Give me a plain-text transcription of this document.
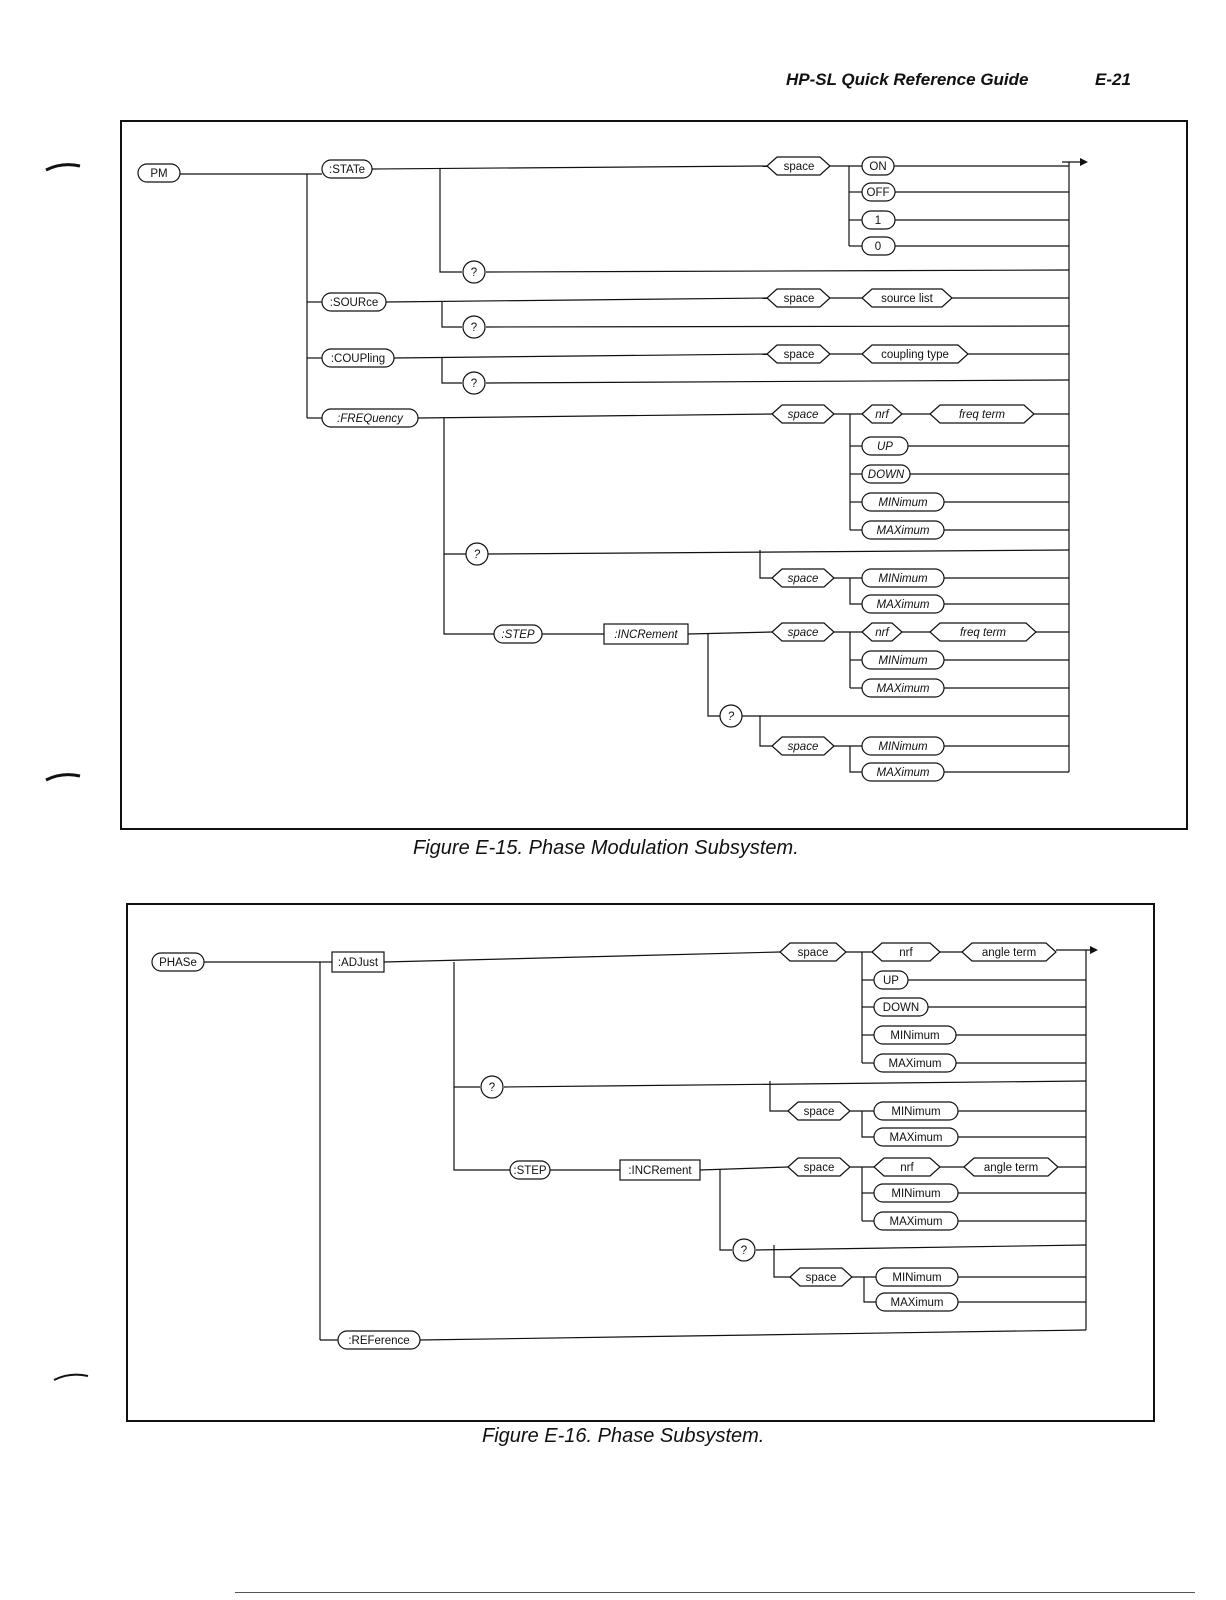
HP-SL Quick Reference Guide	E-21
PM	:STATe	space	ON
OFF
1
0
?
:SOURce	space	source list
?
:COUPling	space	coupling type
?
:FREQuency	space	nrf	freq term
UP
DOWN
MINimum
MAXimum
?
space	MINimum
MAXimum
:STEP	:INCRement	space	nrf	freq term
MINimum
MAXimum
?
space	MINimum
MAXimum
Figure E-15. Phase Modulation Subsystem.
PHASe	:ADJust
space	nrf	angle term
UP
DOWN
MINimum
MAXimum
?
space	MINimum
MAXimum
:STEP	:INCRement	space	nrf	angle term
MINimum
MAXimum
?
space	MINimum
MAXimum
:REFerence
Figure E-16. Phase Subsystem.
